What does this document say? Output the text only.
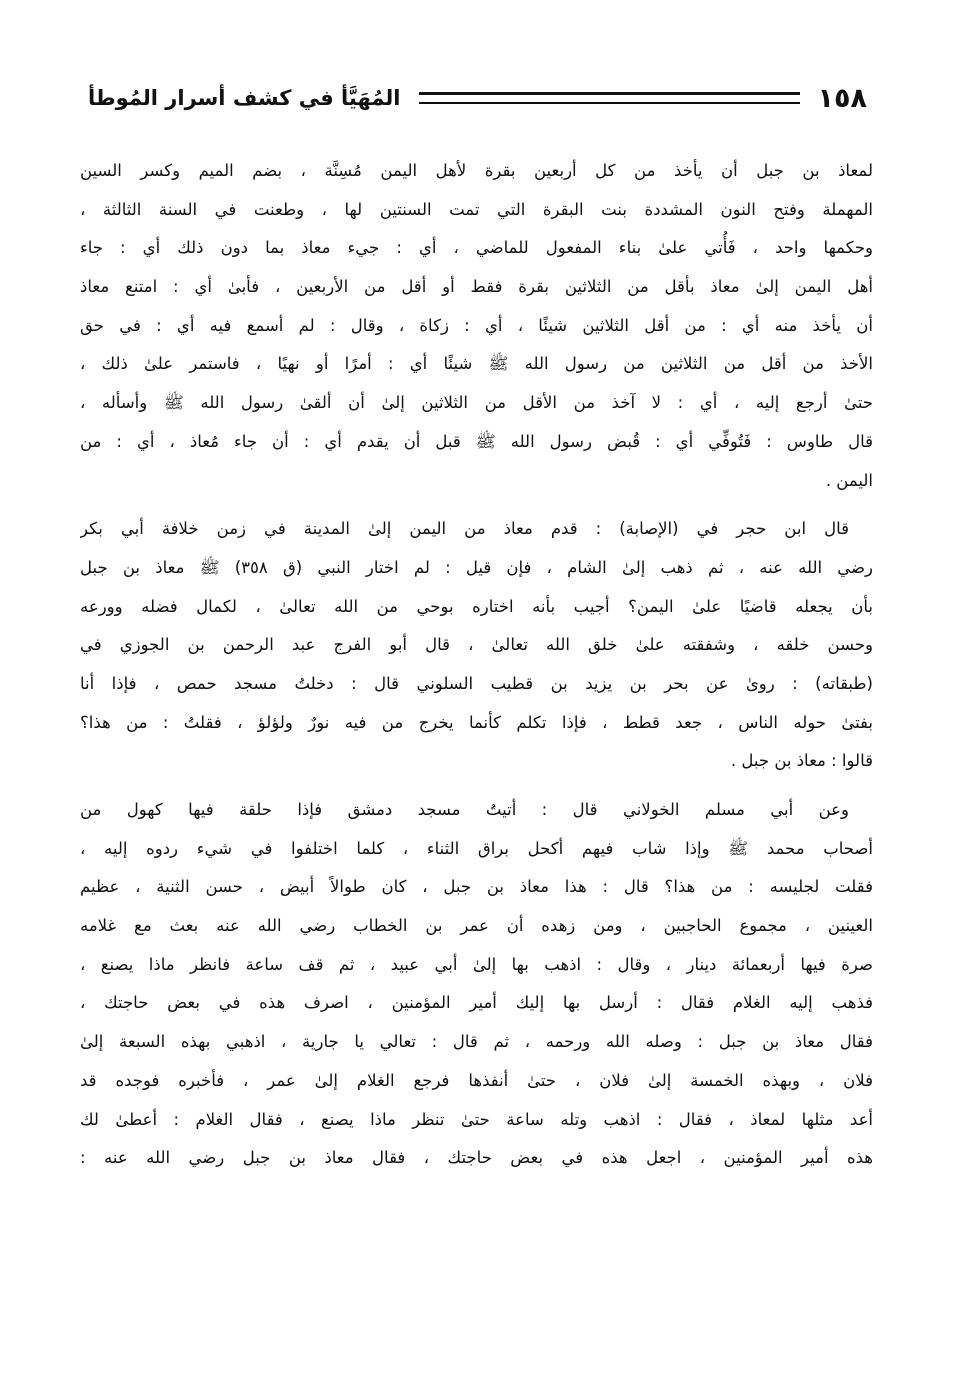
١٥٨
المُهَيَّأ في كشف أسرار المُوطأ
لمعاذ بن جبل أن يأخذ من كل أربعين بقرة لأهل اليمن مُسِنَّة ، بضم الميم وكسر السين
المهملة وفتح النون المشددة بنت البقرة التي تمت السنتين لها ، وطعنت في السنة الثالثة ،
وحكمها واحد ، فَأُتي علىٰ بناء المفعول للماضي ، أي : جيء معاذ بما دون ذلك أي : جاء
أهل اليمن إلىٰ معاذ بأقل من الثلاثين بقرة فقط أو أقل من الأربعين ، فأبىٰ أي : امتنع معاذ
أن يأخذ منه أي : من أقل الثلاثين شيئًا ، أي : زكاة ، وقال : لم أسمع فيه أي : في حق
الأخذ من أقل من الثلاثين من رسول الله ﷺ شيئًا أي : أمرًا أو نهيًا ، فاستمر علىٰ ذلك ،
حتىٰ أرجع إليه ، أي : لا آخذ من الأقل من الثلاثين إلىٰ أن ألقىٰ رسول الله ﷺ وأسأله ،
قال طاوس : فَتُوفِّي أي : قُبض رسول الله ﷺ قبل أن يقدم أي : أن جاء مُعاذ ، أي : من
اليمن .
قال ابن حجر في (الإصابة) : قدم معاذ من اليمن إلىٰ المدينة في زمن خلافة أبي بكر
رضي الله عنه ، ثم ذهب إلىٰ الشام ، فإن قيل : لم اختار النبي (ق ٣٥٨) ﷺ معاذ بن جبل
بأن يجعله قاضيًا علىٰ اليمن؟ أجيب بأنه اختاره بوحي من الله تعالىٰ ، لكمال فضله وورعه
وحسن خلقه ، وشفقته علىٰ خلق الله تعالىٰ ، قال أبو الفرج عبد الرحمن بن الجوزي في
(طبقاته) : روىٰ عن بحر بن يزيد بن قطيب السلوني قال : دخلتُ مسجد حمص ، فإذا أنا
بفتىٰ حوله الناس ، جعد قطط ، فإذا تكلم كأنما يخرج من فيه نورٌ ولؤلؤ ، فقلتُ : من هذا؟
قالوا : معاذ بن جبل .
وعن أبي مسلم الخولاني قال : أتيتُ مسجد دمشق فإذا حلقة فيها كهول من
أصحاب محمد ﷺ وإذا شاب فيهم أكحل براق الثناء ، كلما اختلفوا في شيء ردوه إليه ،
فقلت لجليسه : من هذا؟ قال : هذا معاذ بن جبل ، كان طوالاً أبيض ، حسن الثنية ، عظيم
العينين ، مجموع الحاجبين ، ومن زهده أن عمر بن الخطاب رضي الله عنه بعث مع غلامه
صرة فيها أربعمائة دينار ، وقال : اذهب بها إلىٰ أبي عبيد ، ثم قف ساعة فانظر ماذا يصنع ،
فذهب إليه الغلام فقال : أرسل بها إليك أمير المؤمنين ، اصرف هذه في بعض حاجتك ،
فقال معاذ بن جبل : وصله الله ورحمه ، ثم قال : تعالي يا جارية ، اذهبي بهذه السبعة إلىٰ
فلان ، وبهذه الخمسة إلىٰ فلان ، حتىٰ أنفذها فرجع الغلام إلىٰ عمر ، فأخبره فوجده قد
أعد مثلها لمعاذ ، فقال : اذهب وتله ساعة حتىٰ تنظر ماذا يصنع ، فقال الغلام : أعطىٰ لك
هذه أمير المؤمنين ، اجعل هذه في بعض حاجتك ، فقال معاذ بن جبل رضي الله عنه :
